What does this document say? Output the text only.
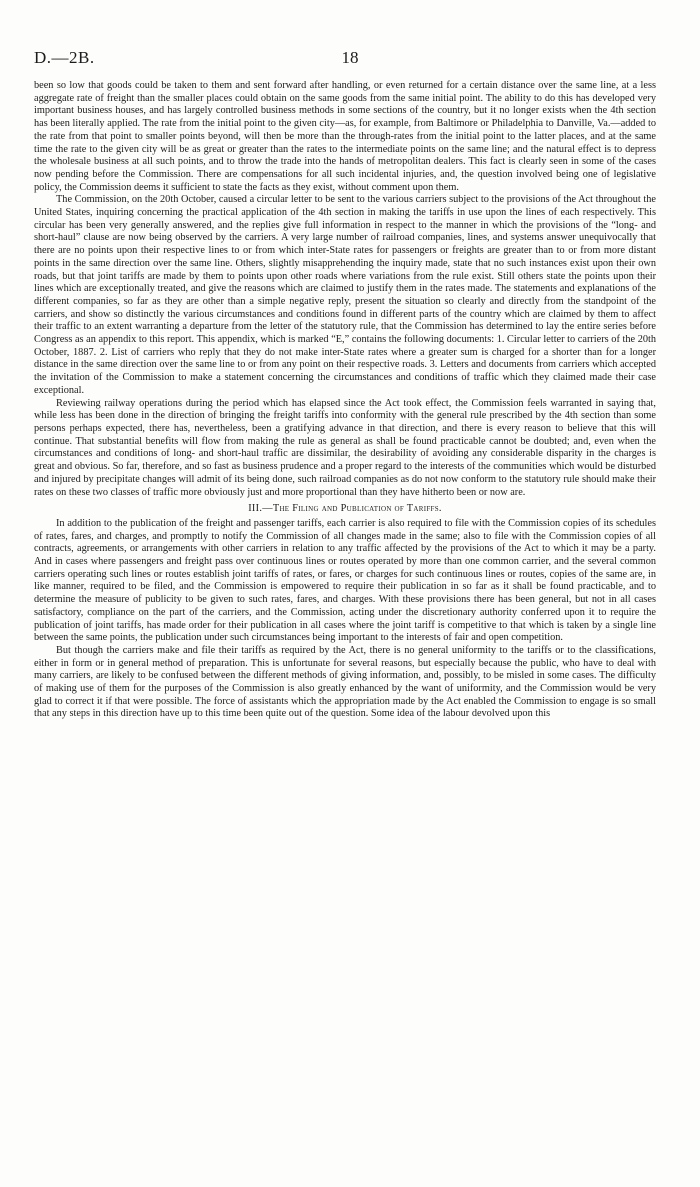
D.—2B.	18

been so low that goods could be taken to them and sent forward after handling, or even returned for a certain distance over the same line, at a less aggregate rate of freight than the smaller places could obtain on the same goods from the same initial point. The ability to do this has developed very important business houses, and has largely controlled business methods in some sections of the country, but it no longer exists when the 4th section has been literally applied. The rate from the initial point to the given city—as, for example, from Baltimore or Philadelphia to Danville, Va.—added to the rate from that point to smaller points beyond, will then be more than the through-rates from the initial point to the latter places, and at the same time the rate to the given city will be as great or greater than the rates to the intermediate points on the same line; and the natural effect is to depress the wholesale business at all such points, and to throw the trade into the hands of metropolitan dealers. This fact is clearly seen in some of the cases now pending before the Commission. There are compensations for all such incidental injuries, and, the question involved being one of legislative policy, the Commission deems it sufficient to state the facts as they exist, without comment upon them.

The Commission, on the 20th October, caused a circular letter to be sent to the various carriers subject to the provisions of the Act throughout the United States, inquiring concerning the practical application of the 4th section in making the tariffs in use upon the lines of each respectively. This circular has been very generally answered, and the replies give full information in respect to the manner in which the provisions of the “long- and short-haul” clause are now being observed by the carriers. A very large number of railroad companies, lines, and systems answer unequivocally that there are no points upon their respective lines to or from which inter-State rates for passengers or freights are greater than to or from more distant points in the same direction over the same line. Others, slightly misapprehending the inquiry made, state that no such instances exist upon their own roads, but that joint tariffs are made by them to points upon other roads where variations from the rule exist. Still others state the points upon their lines which are exceptionally treated, and give the reasons which are claimed to justify them in the rates made. The statements and explanations of the different companies, so far as they are other than a simple negative reply, present the situation so clearly and directly from the standpoint of the carriers, and show so distinctly the various circumstances and conditions found in different parts of the country which are claimed by them to affect their traffic to an extent warranting a departure from the letter of the statutory rule, that the Commission has determined to lay the entire series before Congress as an appendix to this report. This appendix, which is marked “E,” contains the following documents: 1. Circular letter to carriers of the 20th October, 1887. 2. List of carriers who reply that they do not make inter-State rates where a greater sum is charged for a shorter than for a longer distance in the same direction over the same line to or from any point on their respective roads. 3. Letters and documents from carriers which accepted the invitation of the Commission to make a statement concerning the circumstances and conditions of traffic which they claimed made their case exceptional.

Reviewing railway operations during the period which has elapsed since the Act took effect, the Commission feels warranted in saying that, while less has been done in the direction of bringing the freight tariffs into conformity with the general rule prescribed by the 4th section than some persons perhaps expected, there has, nevertheless, been a gratifying advance in that direction, and there is every reason to believe that this will continue. That substantial benefits will flow from making the rule as general as shall be found practicable cannot be doubted; and, even when the circumstances and conditions of long- and short-haul traffic are dissimilar, the desirability of avoiding any considerable disparity in the charges is great and obvious. So far, therefore, and so fast as business prudence and a proper regard to the interests of the communities which would be disturbed and injured by precipitate changes will admit of its being done, such railroad companies as do not now conform to the statutory rule should make their rates on these two classes of traffic more obviously just and more proportional than they have hitherto been or now are.

III.—The Filing and Publication of Tariffs.

In addition to the publication of the freight and passenger tariffs, each carrier is also required to file with the Commission copies of its schedules of rates, fares, and charges, and promptly to notify the Commission of all changes made in the same; also to file with the Commission copies of all contracts, agreements, or arrangements with other carriers in relation to any traffic affected by the provisions of the Act to which it may be a party. And in cases where passengers and freight pass over continuous lines or routes operated by more than one common carrier, and the several common carriers operating such lines or routes establish joint tariffs of rates, or fares, or charges for such continuous lines or routes, copies of the same are, in like manner, required to be filed, and the Commission is empowered to require their publication in so far as it shall be found practicable, and to determine the measure of publicity to be given to such rates, fares, and charges. With these provisions there has been general, but not in all cases satisfactory, compliance on the part of the carriers, and the Commission, acting under the discretionary authority conferred upon it to require the publication of joint tariffs, has made order for their publication in all cases where the joint tariff is competitive to that which is taken by a single line between the same points, the publication under such circumstances being important to the interests of fair and open competition.

But though the carriers make and file their tariffs as required by the Act, there is no general uniformity to the tariffs or to the classifications, either in form or in general method of preparation. This is unfortunate for several reasons, but especially because the public, who have to deal with many carriers, are likely to be confused between the different methods of giving information, and, possibly, to be misled in some cases. The difficulty of making use of them for the purposes of the Commission is also greatly enhanced by the want of uniformity, and the Commission would be very glad to correct it if that were possible. The force of assistants which the appropriation made by the Act enabled the Commission to engage is so small that any steps in this direction have up to this time been quite out of the question. Some idea of the labour devolved upon this
